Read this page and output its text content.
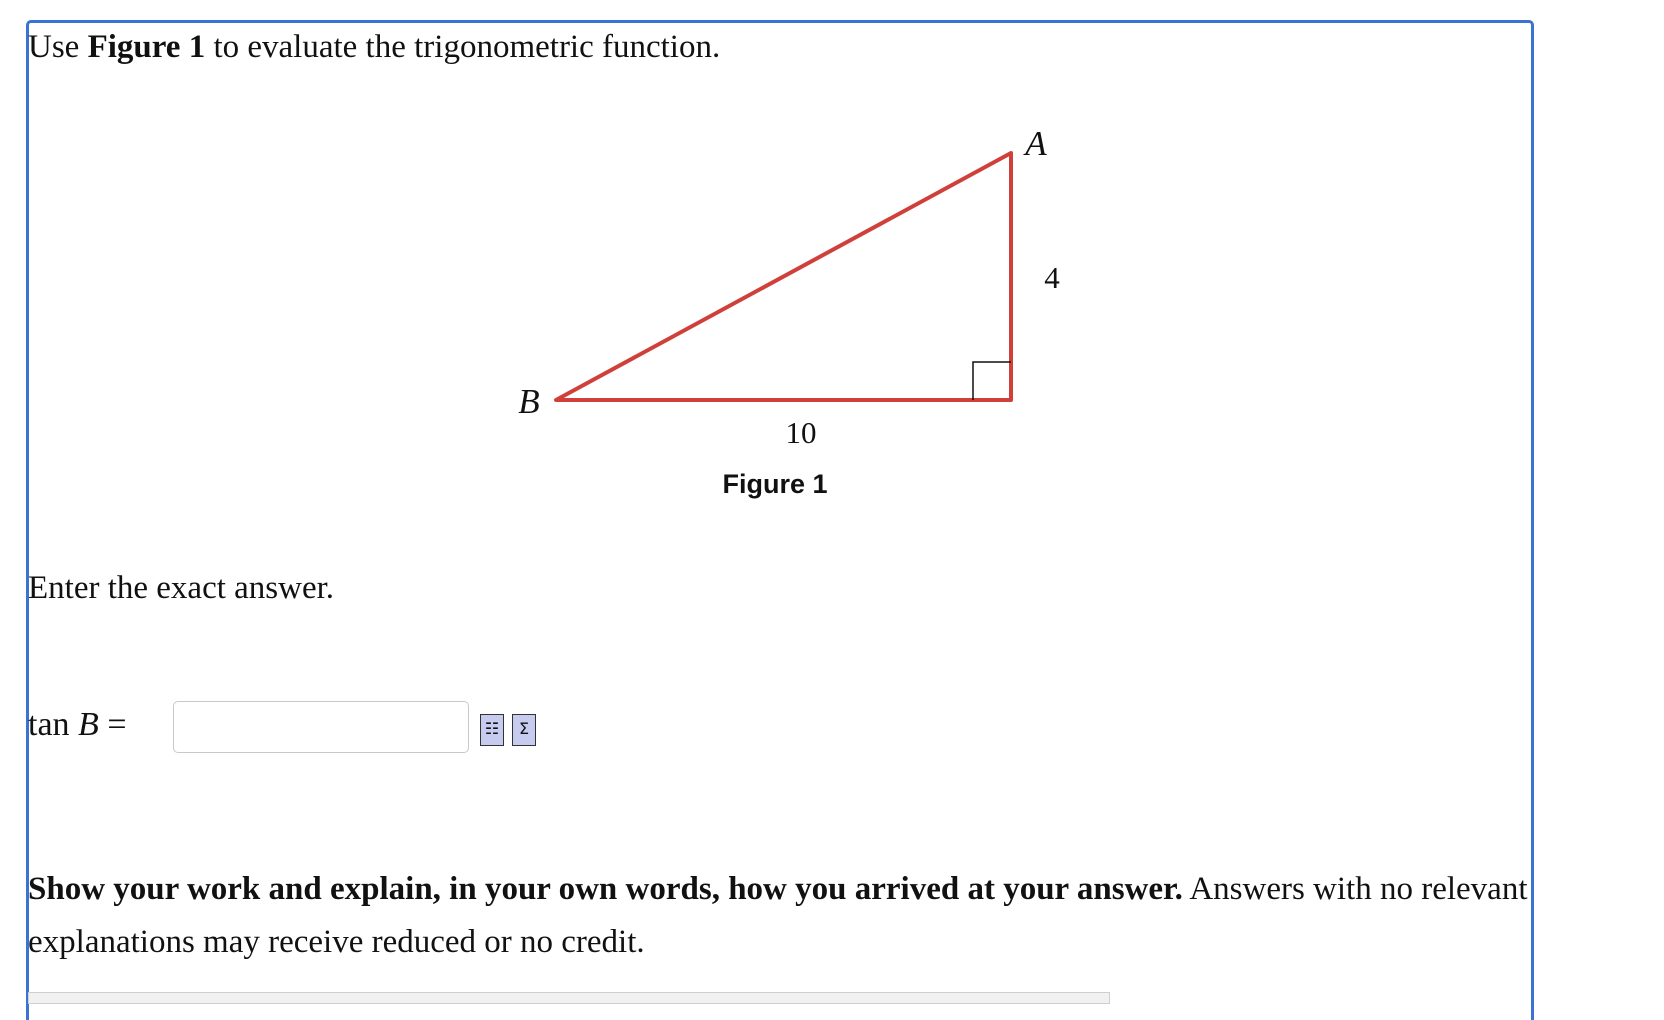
Use Figure 1 to evaluate the trigonometric function.
A
B
4
10
Figure 1
Enter the exact answer.
tan B =	☷	Σ
Show your work and explain, in your own words, how you arrived at your answer. Answers with no relevant explanations may receive reduced or no credit.
